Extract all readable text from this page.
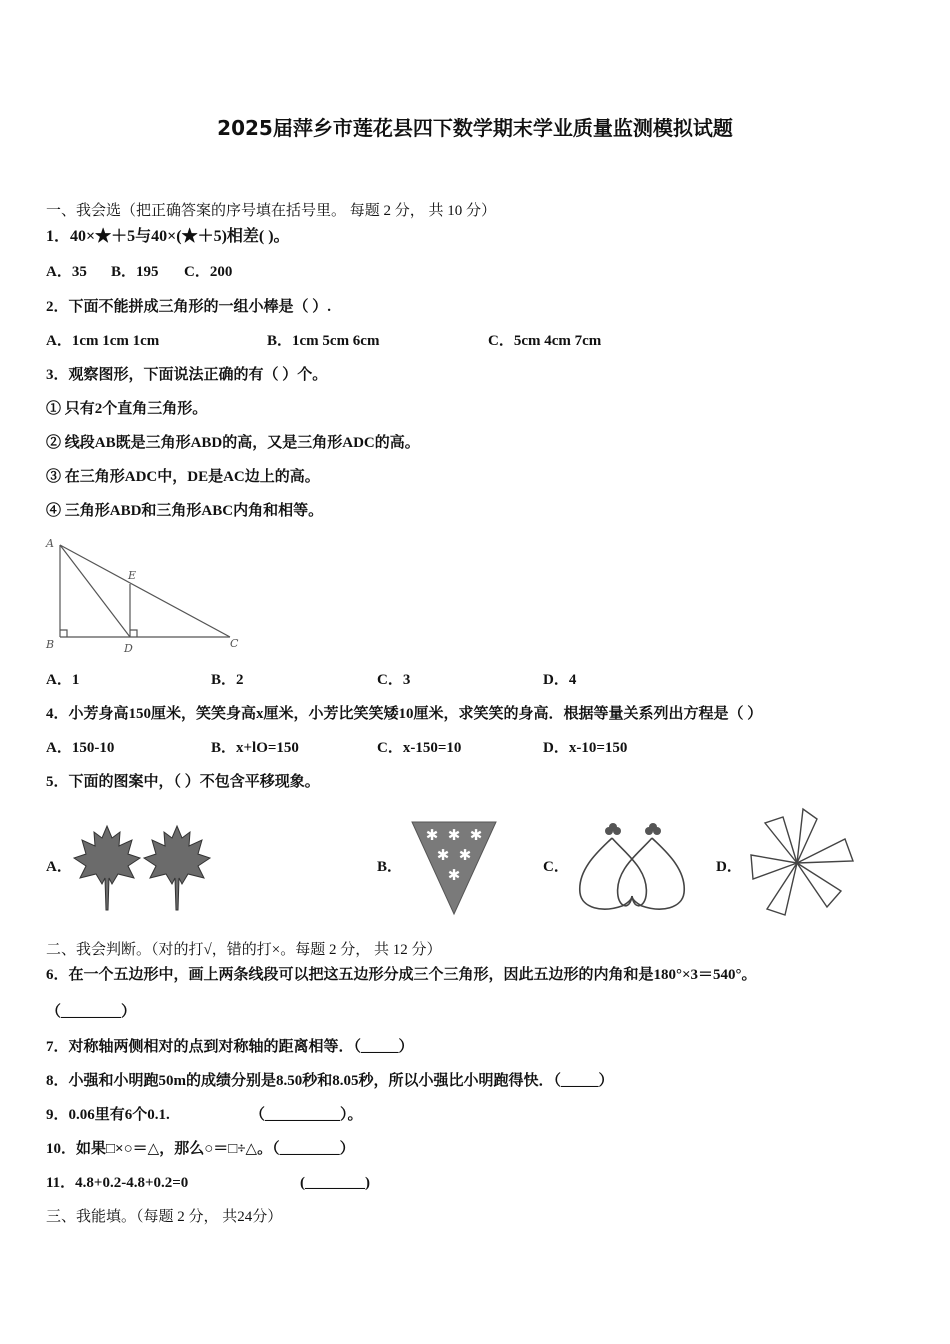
2025届萍乡市莲花县四下数学期末学业质量监测模拟试题
一、我会选（把正确答案的序号填在括号里。 每题 2 分， 共 10 分）
1．40×★＋5与40×(★＋5)相差( )。
A．35 B．195 C．200
2．下面不能拼成三角形的一组小棒是（ ）.
A．1cm 1cm 1cm	B．1cm 5cm 6cm	C．5cm 4cm 7cm
3．观察图形，下面说法正确的有（ ）个。
① 只有2个直角三角形。
② 线段AB既是三角形ABD的高，又是三角形ADC的高。
③ 在三角形ADC中，DE是AC边上的高。
④ 三角形ABD和三角形ABC内角和相等。
A
B	C
D
E
A．1	B．2	C．3	D．4
4．小芳身高150厘米，笑笑身高x厘米，小芳比笑笑矮10厘米，求笑笑的身高．根据等量关系列出方程是（ ）
A．150-10	B．x+lO=150	C．x-150=10	D．x-10=150
5．下面的图案中，（ ）不包含平移现象。
A．	B．	C．	D．
✱ ✱ ✱
✱ ✱
✱
二、我会判断。（对的打√，错的打×。每题 2 分， 共 12 分）
6．在一个五边形中，画上两条线段可以把这五边形分成三个三角形，因此五边形的内角和是180°×3＝540°。
（________）
7．对称轴两侧相对的点到对称轴的距离相等．（_____）
8．小强和小明跑50m的成绩分别是8.50秒和8.05秒，所以小强比小明跑得快．（_____）
9．0.06里有6个0.1.	（__________）。
10．如果□×○＝△，那么○＝□÷△。（________）
11．4.8+0.2-4.8+0.2=0	(________)
三、我能填。（每题 2 分， 共24分）
